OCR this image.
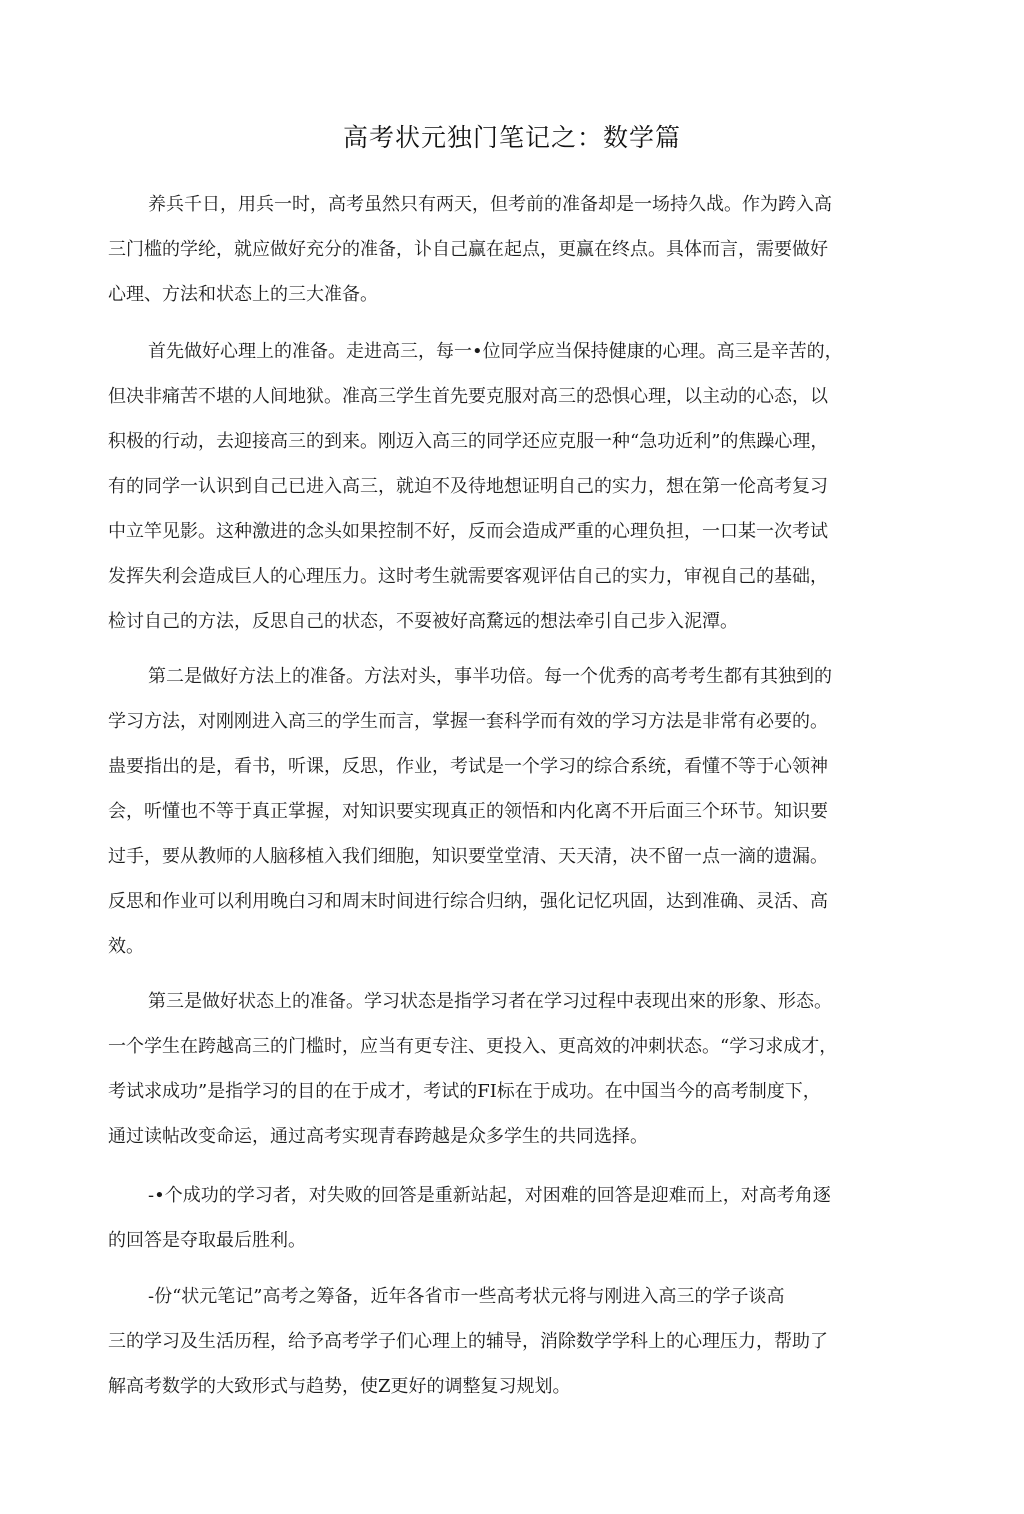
高考状元独门笔记之：数学篇
养兵千日，用兵一时，高考虽然只有两天，但考前的准备却是一场持久战。作为跨入高
三门槛的学纶，就应做好充分的准备，讣自己赢在起点，更赢在终点。具体而言，需要做好
心理、方法和状态上的三大准备。
首先做好心理上的准备。走进高三，每一•位同学应当保持健康的心理。高三是辛苦的，
但决非痛苦不堪的人间地狱。准高三学生首先要克服对高三的恐惧心理，以主动的心态，以
积极的行动，去迎接高三的到来。刚迈入高三的同学还应克服一种“急功近利”的焦躁心理，
有的同学一认识到自己已进入高三，就迫不及待地想证明自己的实力，想在第一伦高考复习
中立竿见影。这种激进的念头如果控制不好，反而会造成严重的心理负担，一口某一次考试
发挥失利会造成巨人的心理压力。这时考生就需要客观评估自己的实力，审视自己的基础，
检讨自己的方法，反思自己的状态，不耍被好高騖远的想法牵引自己步入泥潭。
第二是做好方法上的准备。方法对头，事半功倍。每一个优秀的高考考生都有其独到的
学习方法，对刚刚进入高三的学生而言，掌握一套科学而有效的学习方法是非常有必要的。
蛊要指出的是，看书，听课，反思，作业，考试是一个学习的综合系统，看懂不等于心领神
会，听懂也不等于真正掌握，对知识要实现真正的领悟和内化离不开后面三个环节。知识要
过手，要从教师的人脑移植入我们细胞，知识要堂堂清、天天清，决不留一点一滴的遗漏。
反思和作业可以利用晚白习和周末时间进行综合归纳，强化记忆巩固，达到准确、灵活、高
效。
第三是做好状态上的准备。学习状态是指学习者在学习过程中表现出來的形象、形态。
一个学生在跨越高三的门槛时，应当有更专注、更投入、更高效的冲刺状态。“学习求成才，
考试求成功”是指学习的目的在于成才，考试的FI标在于成功。在中国当今的高考制度下，
通过读帖改变命运，通过高考实现青春跨越是众多学生的共同选择。
-•个成功的学习者，对失败的回答是重新站起，对困难的回答是迎难而上，对高考角逐
的回答是夺取最后胜利。
-份“状元笔记”高考之筹备，近年各省市一些高考状元将与刚进入高三的学子谈高
三的学习及生活历程，给予高考学子们心理上的辅导，消除数学学科上的心理压力，帮助了
解高考数学的大致形式与趋势，使Z更好的调整复习规划。
